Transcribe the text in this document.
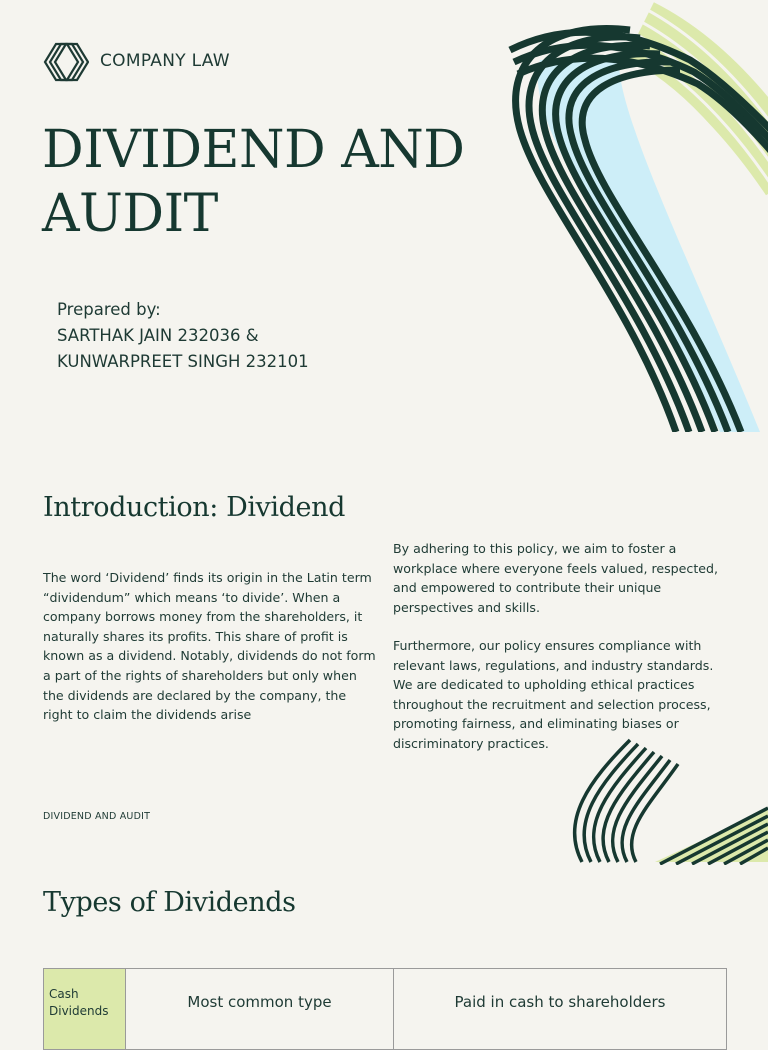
COMPANY LAW
DIVIDEND AND
AUDIT
Prepared by:
SARTHAK JAIN 232036 &
KUNWARPREET SINGH 232101
Introduction: Dividend

The word ‘Dividend’ finds its origin in the Latin term “dividendum” which means ‘to divide’. When a company borrows money from the shareholders, it naturally shares its profits. This share of profit is known as a dividend. Notably, dividends do not form a part of the rights of shareholders but only when the dividends are declared by the company, the right to claim the dividends arise

By adhering to this policy, we aim to foster a workplace where everyone feels valued, respected, and empowered to contribute their unique perspectives and skills.

Furthermore, our policy ensures compliance with relevant laws, regulations, and industry standards. We are dedicated to upholding ethical practices throughout the recruitment and selection process, promoting fairness, and eliminating biases or discriminatory practices.

DIVIDEND AND AUDIT
Types of Dividends
Cash Dividends	Most common type	Paid in cash to shareholders
